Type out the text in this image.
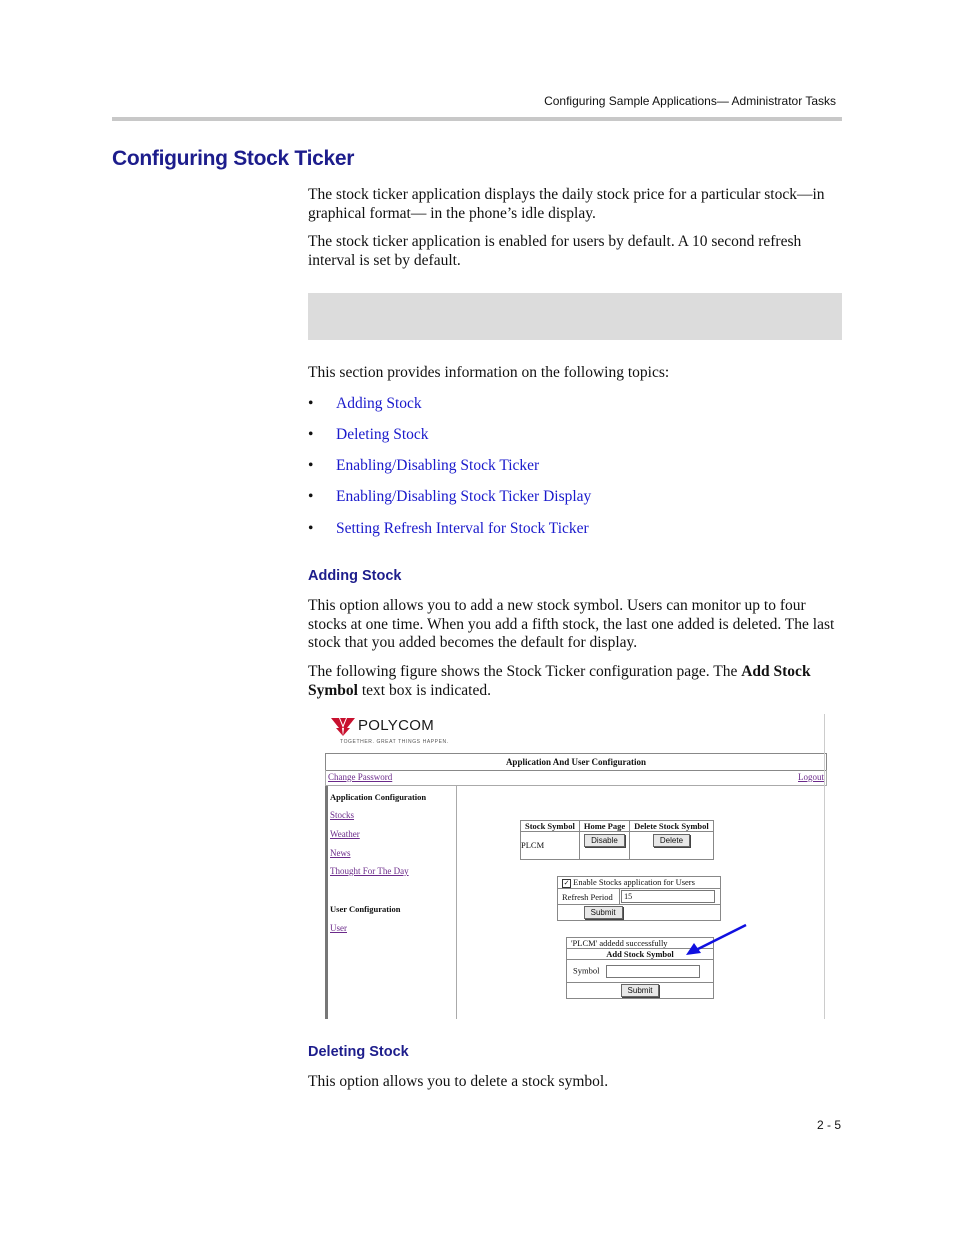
Configuring Sample Applications— Administrator Tasks
Configuring Stock Ticker
The stock ticker application displays the daily stock price for a particular stock—in graphical format— in the phone’s idle display.
The stock ticker application is enabled for users by default. A 10 second refresh interval is set by default.
This section provides information on the following topics:
• Adding Stock
• Deleting Stock
• Enabling/Disabling Stock Ticker
• Enabling/Disabling Stock Ticker Display
• Setting Refresh Interval for Stock Ticker
Adding Stock
This option allows you to add a new stock symbol. Users can monitor up to four stocks at one time. When you add a fifth stock, the last one added is deleted. The last stock that you added becomes the default for display.
The following figure shows the Stock Ticker configuration page. The Add Stock Symbol text box is indicated.
POLYCOM
TOGETHER. GREAT THINGS HAPPEN.
Application And User Configuration
Change Password	Logout
Application Configuration
Stocks
Weather
News
Thought For The Day
User Configuration
User
Stock Symbol	Home Page	Delete Stock Symbol
PLCM	Disable	Delete
✓ Enable Stocks application for Users	
Refresh Period	15
	Submit
'PLCM' addedd successfully
Add Stock Symbol
Symbol
Submit
Deleting Stock
This option allows you to delete a stock symbol.
2 - 5
